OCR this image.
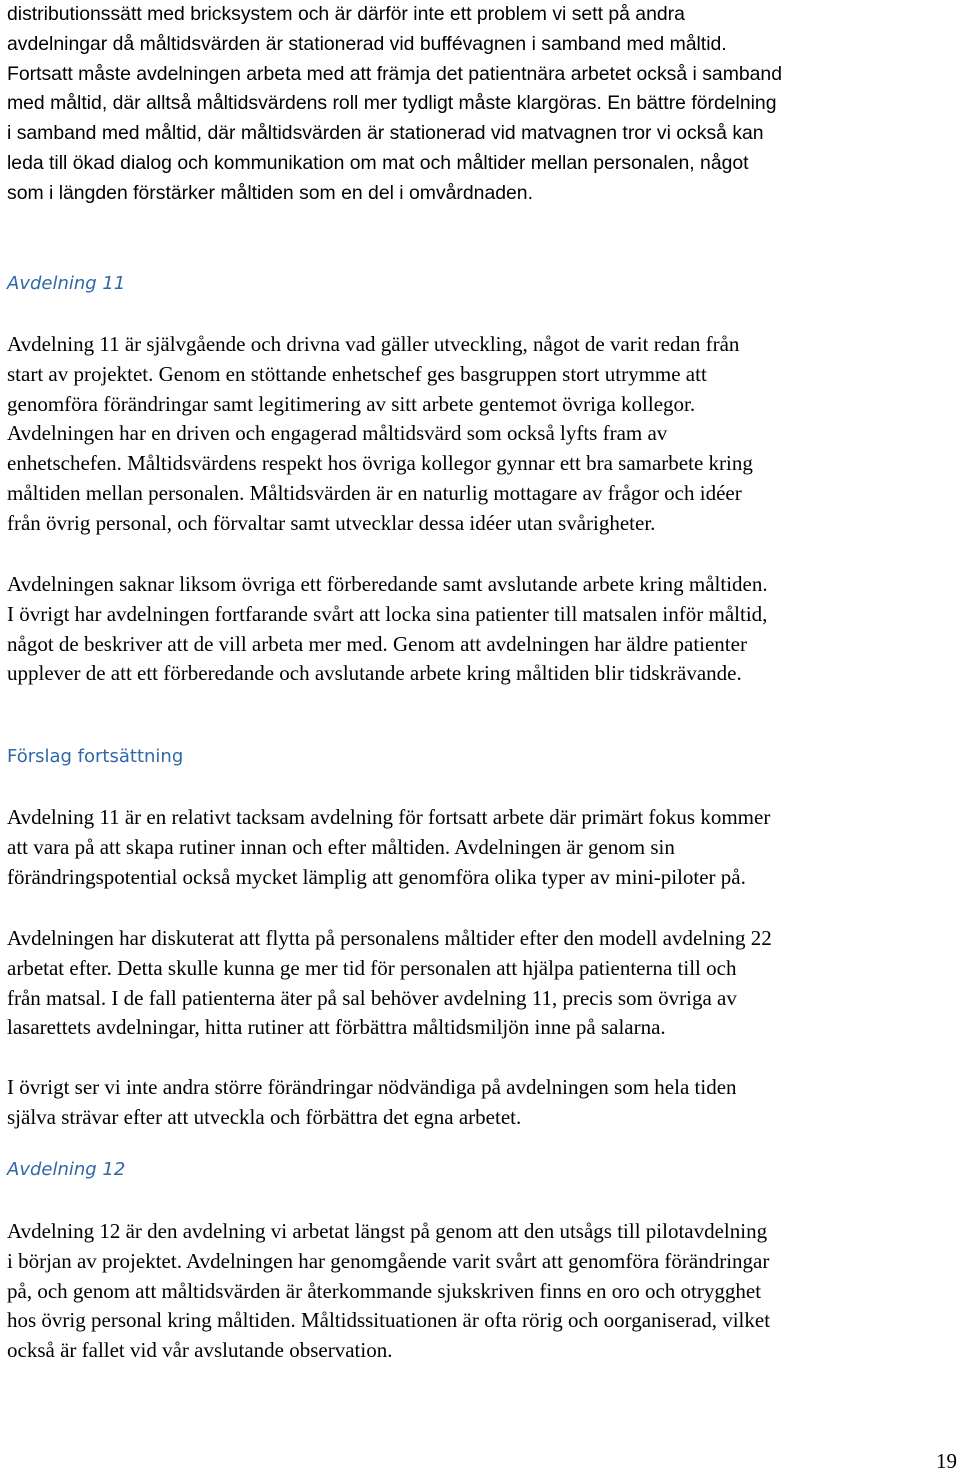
distributionssätt med bricksystem och är därför inte ett problem vi sett på andra
avdelningar då måltidsvärden är stationerad vid buffévagnen i samband med måltid.
Fortsatt måste avdelningen arbeta med att främja det patientnära arbetet också i samband
med måltid, där alltså måltidsvärdens roll mer tydligt måste klargöras. En bättre fördelning
i samband med måltid, där måltidsvärden är stationerad vid matvagnen tror vi också kan
leda till ökad dialog och kommunikation om mat och måltider mellan personalen, något
som i längden förstärker måltiden som en del i omvårdnaden.
Avdelning 11
Avdelning 11 är självgående och drivna vad gäller utveckling, något de varit redan från
start av projektet. Genom en stöttande enhetschef ges basgruppen stort utrymme att
genomföra förändringar samt legitimering av sitt arbete gentemot övriga kollegor.
Avdelningen har en driven och engagerad måltidsvärd som också lyfts fram av
enhetschefen. Måltidsvärdens respekt hos övriga kollegor gynnar ett bra samarbete kring
måltiden mellan personalen. Måltidsvärden är en naturlig mottagare av frågor och idéer
från övrig personal, och förvaltar samt utvecklar dessa idéer utan svårigheter.
Avdelningen saknar liksom övriga ett förberedande samt avslutande arbete kring måltiden.
I övrigt har avdelningen fortfarande svårt att locka sina patienter till matsalen inför måltid,
något de beskriver att de vill arbeta mer med. Genom att avdelningen har äldre patienter
upplever de att ett förberedande och avslutande arbete kring måltiden blir tidskrävande.
Förslag fortsättning
Avdelning 11 är en relativt tacksam avdelning för fortsatt arbete där primärt fokus kommer
att vara på att skapa rutiner innan och efter måltiden. Avdelningen är genom sin
förändringspotential också mycket lämplig att genomföra olika typer av mini-piloter på.
Avdelningen har diskuterat att flytta på personalens måltider efter den modell avdelning 22
arbetat efter. Detta skulle kunna ge mer tid för personalen att hjälpa patienterna till och
från matsal. I de fall patienterna äter på sal behöver avdelning 11, precis som övriga av
lasarettets avdelningar, hitta rutiner att förbättra måltidsmiljön inne på salarna.
I övrigt ser vi inte andra större förändringar nödvändiga på avdelningen som hela tiden
själva strävar efter att utveckla och förbättra det egna arbetet.
Avdelning 12
Avdelning 12 är den avdelning vi arbetat längst på genom att den utsågs till pilotavdelning
i början av projektet. Avdelningen har genomgående varit svårt att genomföra förändringar
på, och genom att måltidsvärden är återkommande sjukskriven finns en oro och otrygghet
hos övrig personal kring måltiden. Måltidssituationen är ofta rörig och oorganiserad, vilket
också är fallet vid vår avslutande observation.
19
